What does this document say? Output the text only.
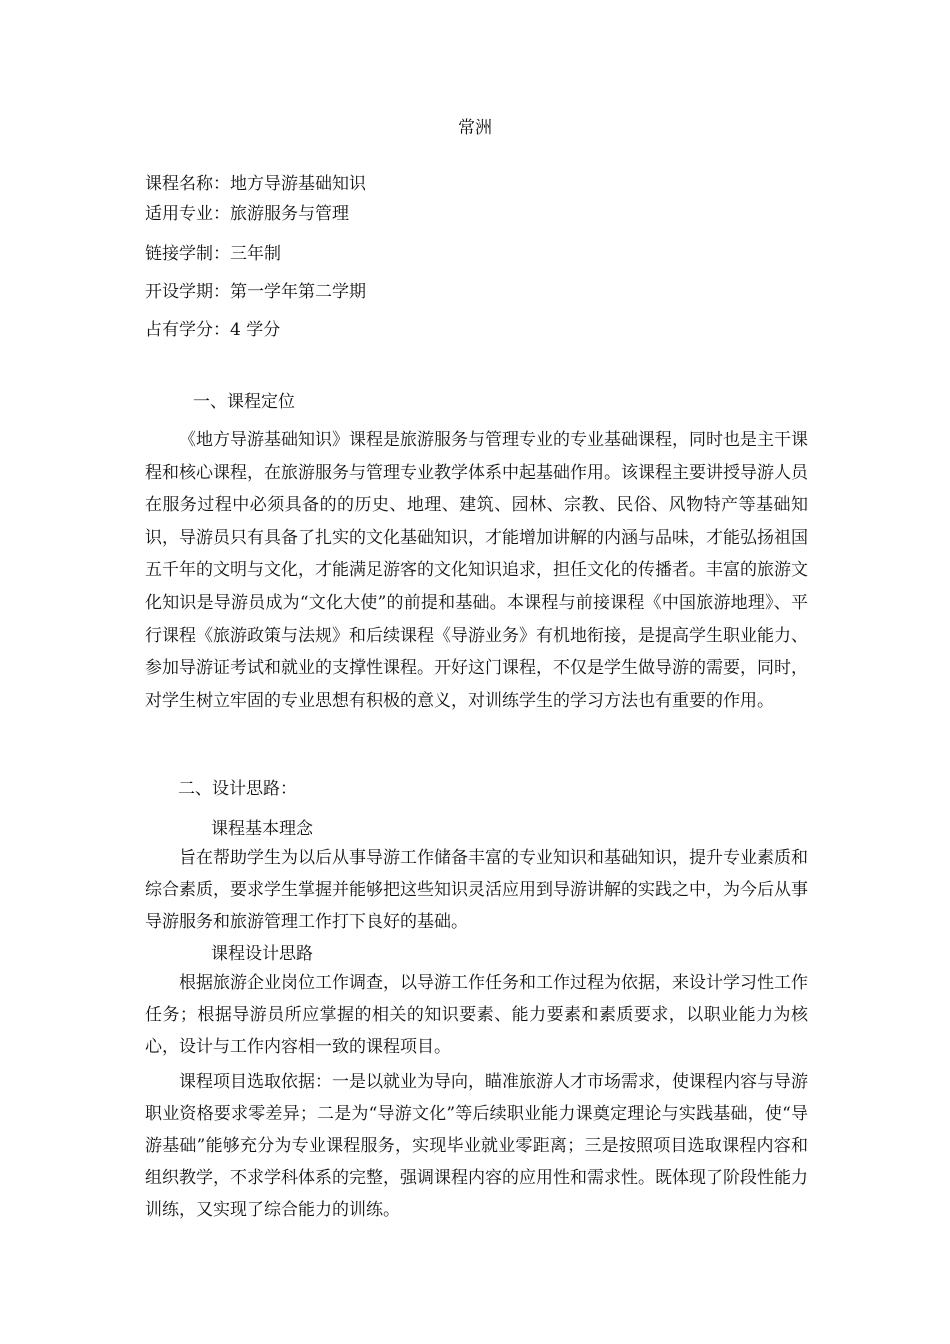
常洲
课程名称：地方导游基础知识
适用专业：旅游服务与管理
链接学制：三年制
开设学期：第一学年第二学期
占有学分：4 学分
一、课程定位
《地方导游基础知识》课程是旅游服务与管理专业的专业基础课程，同时也是主干课程和核心课程，在旅游服务与管理专业教学体系中起基础作用。该课程主要讲授导游人员在服务过程中必须具备的的历史、地理、建筑、园林、宗教、民俗、风物特产等基础知识，导游员只有具备了扎实的文化基础知识，才能增加讲解的内涵与品味，才能弘扬祖国五千年的文明与文化，才能满足游客的文化知识追求，担任文化的传播者。丰富的旅游文化知识是导游员成为“文化大使”的前提和基础。本课程与前接课程《中国旅游地理》、平行课程《旅游政策与法规》和后续课程《导游业务》有机地衔接，是提高学生职业能力、参加导游证考试和就业的支撑性课程。开好这门课程，不仅是学生做导游的需要，同时，对学生树立牢固的专业思想有积极的意义，对训练学生的学习方法也有重要的作用。
二、设计思路：
课程基本理念
旨在帮助学生为以后从事导游工作储备丰富的专业知识和基础知识，提升专业素质和综合素质，要求学生掌握并能够把这些知识灵活应用到导游讲解的实践之中，为今后从事导游服务和旅游管理工作打下良好的基础。
课程设计思路
根据旅游企业岗位工作调查，以导游工作任务和工作过程为依据，来设计学习性工作任务；根据导游员所应掌握的相关的知识要素、能力要素和素质要求，以职业能力为核心，设计与工作内容相一致的课程项目。
课程项目选取依据：一是以就业为导向，瞄准旅游人才市场需求，使课程内容与导游职业资格要求零差异；二是为“导游文化”等后续职业能力课奠定理论与实践基础，使“导游基础”能够充分为专业课程服务，实现毕业就业零距离；三是按照项目选取课程内容和组织教学，不求学科体系的完整，强调课程内容的应用性和需求性。既体现了阶段性能力训练，又实现了综合能力的训练。
